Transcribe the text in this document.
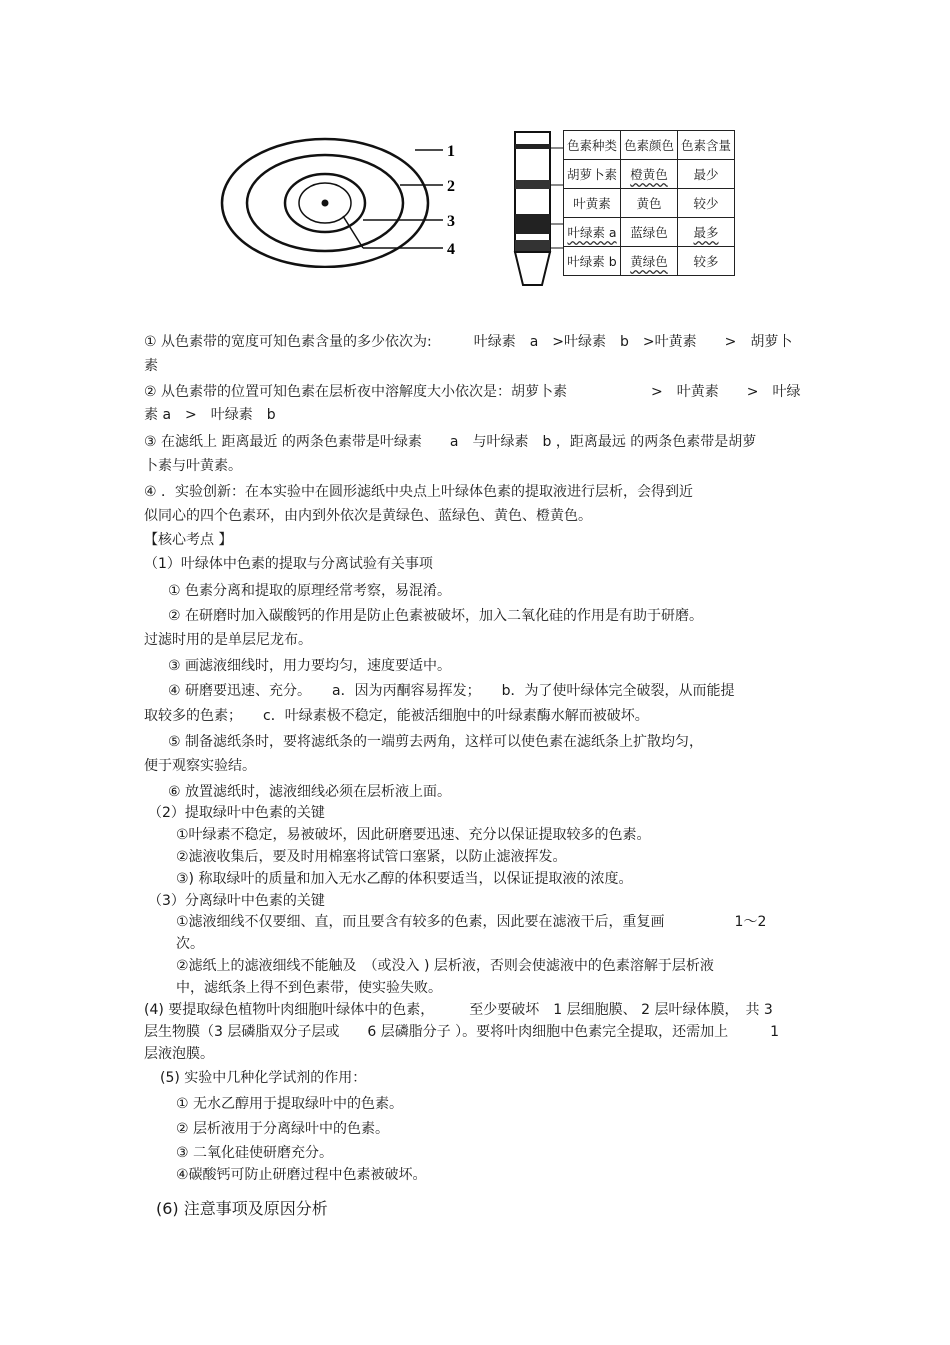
1
2
3
4
色素种类	色素颜色	色素含量
胡萝卜素	橙黄色	最少
叶黄素	黄色	较少
叶绿素 a	蓝绿色	最多
叶绿素 b	黄绿色	较多
① 从色素带的宽度可知色素含量的多少依次为:　　　叶绿素　a　>叶绿素　b　>叶黄素　　>　胡萝卜
素
② 从色素带的位置可知色素在层析夜中溶解度大小依次是：胡萝卜素　　　　　　>　叶黄素　　>　叶绿
素 a　>　叶绿素　b
③ 在滤纸上 距离最近 的两条色素带是叶绿素　　a　与叶绿素　b ，距离最远 的两条色素带是胡萝
卜素与叶黄素。
④ ．实验创新：在本实验中在圆形滤纸中央点上叶绿体色素的提取液进行层析，会得到近
似同心的四个色素环，由内到外依次是黄绿色、蓝绿色、黄色、橙黄色。
【核心考点 】
（1）叶绿体中色素的提取与分离试验有关事项
① 色素分离和提取的原理经常考察，易混淆。
② 在研磨时加入碳酸钙的作用是防止色素被破坏，加入二氧化硅的作用是有助于研磨。
过滤时用的是单层尼龙布。
③ 画滤液细线时，用力要均匀，速度要适中。
④ 研磨要迅速、充分。　　a．因为丙酮容易挥发；　　b．为了使叶绿体完全破裂，从而能提
取较多的色素；　　c．叶绿素极不稳定，能被活细胞中的叶绿素酶水解而被破坏。
⑤ 制备滤纸条时，要将滤纸条的一端剪去两角，这样可以使色素在滤纸条上扩散均匀，
便于观察实验结。
⑥ 放置滤纸时，滤液细线必须在层析液上面。
（2）提取绿叶中色素的关键
①叶绿素不稳定，易被破坏，因此研磨要迅速、充分以保证提取较多的色素。
②滤液收集后，要及时用棉塞将试管口塞紧，以防止滤液挥发。
③) 称取绿叶的质量和加入无水乙醇的体积要适当，以保证提取液的浓度。
（3）分离绿叶中色素的关键
①滤液细线不仅要细、直，而且要含有较多的色素，因此要在滤液干后，重复画　　　　　1～2
次。
②滤纸上的滤液细线不能触及　（或没入 ) 层析液，否则会使滤液中的色素溶解于层析液
中，滤纸条上得不到色素带，使实验失败。
(4) 要提取绿色植物叶肉细胞叶绿体中的色素，　　　至少要破坏　1 层细胞膜、 2 层叶绿体膜，　共 3
层生物膜（3 层磷脂双分子层或　　6 层磷脂分子 ）。要将叶肉细胞中色素完全提取，还需加上　　　1
层液泡膜。
(5) 实验中几种化学试剂的作用：
① 无水乙醇用于提取绿叶中的色素。
② 层析液用于分离绿叶中的色素。
③ 二氧化硅使研磨充分。
④碳酸钙可防止研磨过程中色素被破坏。
(6) 注意事项及原因分析
